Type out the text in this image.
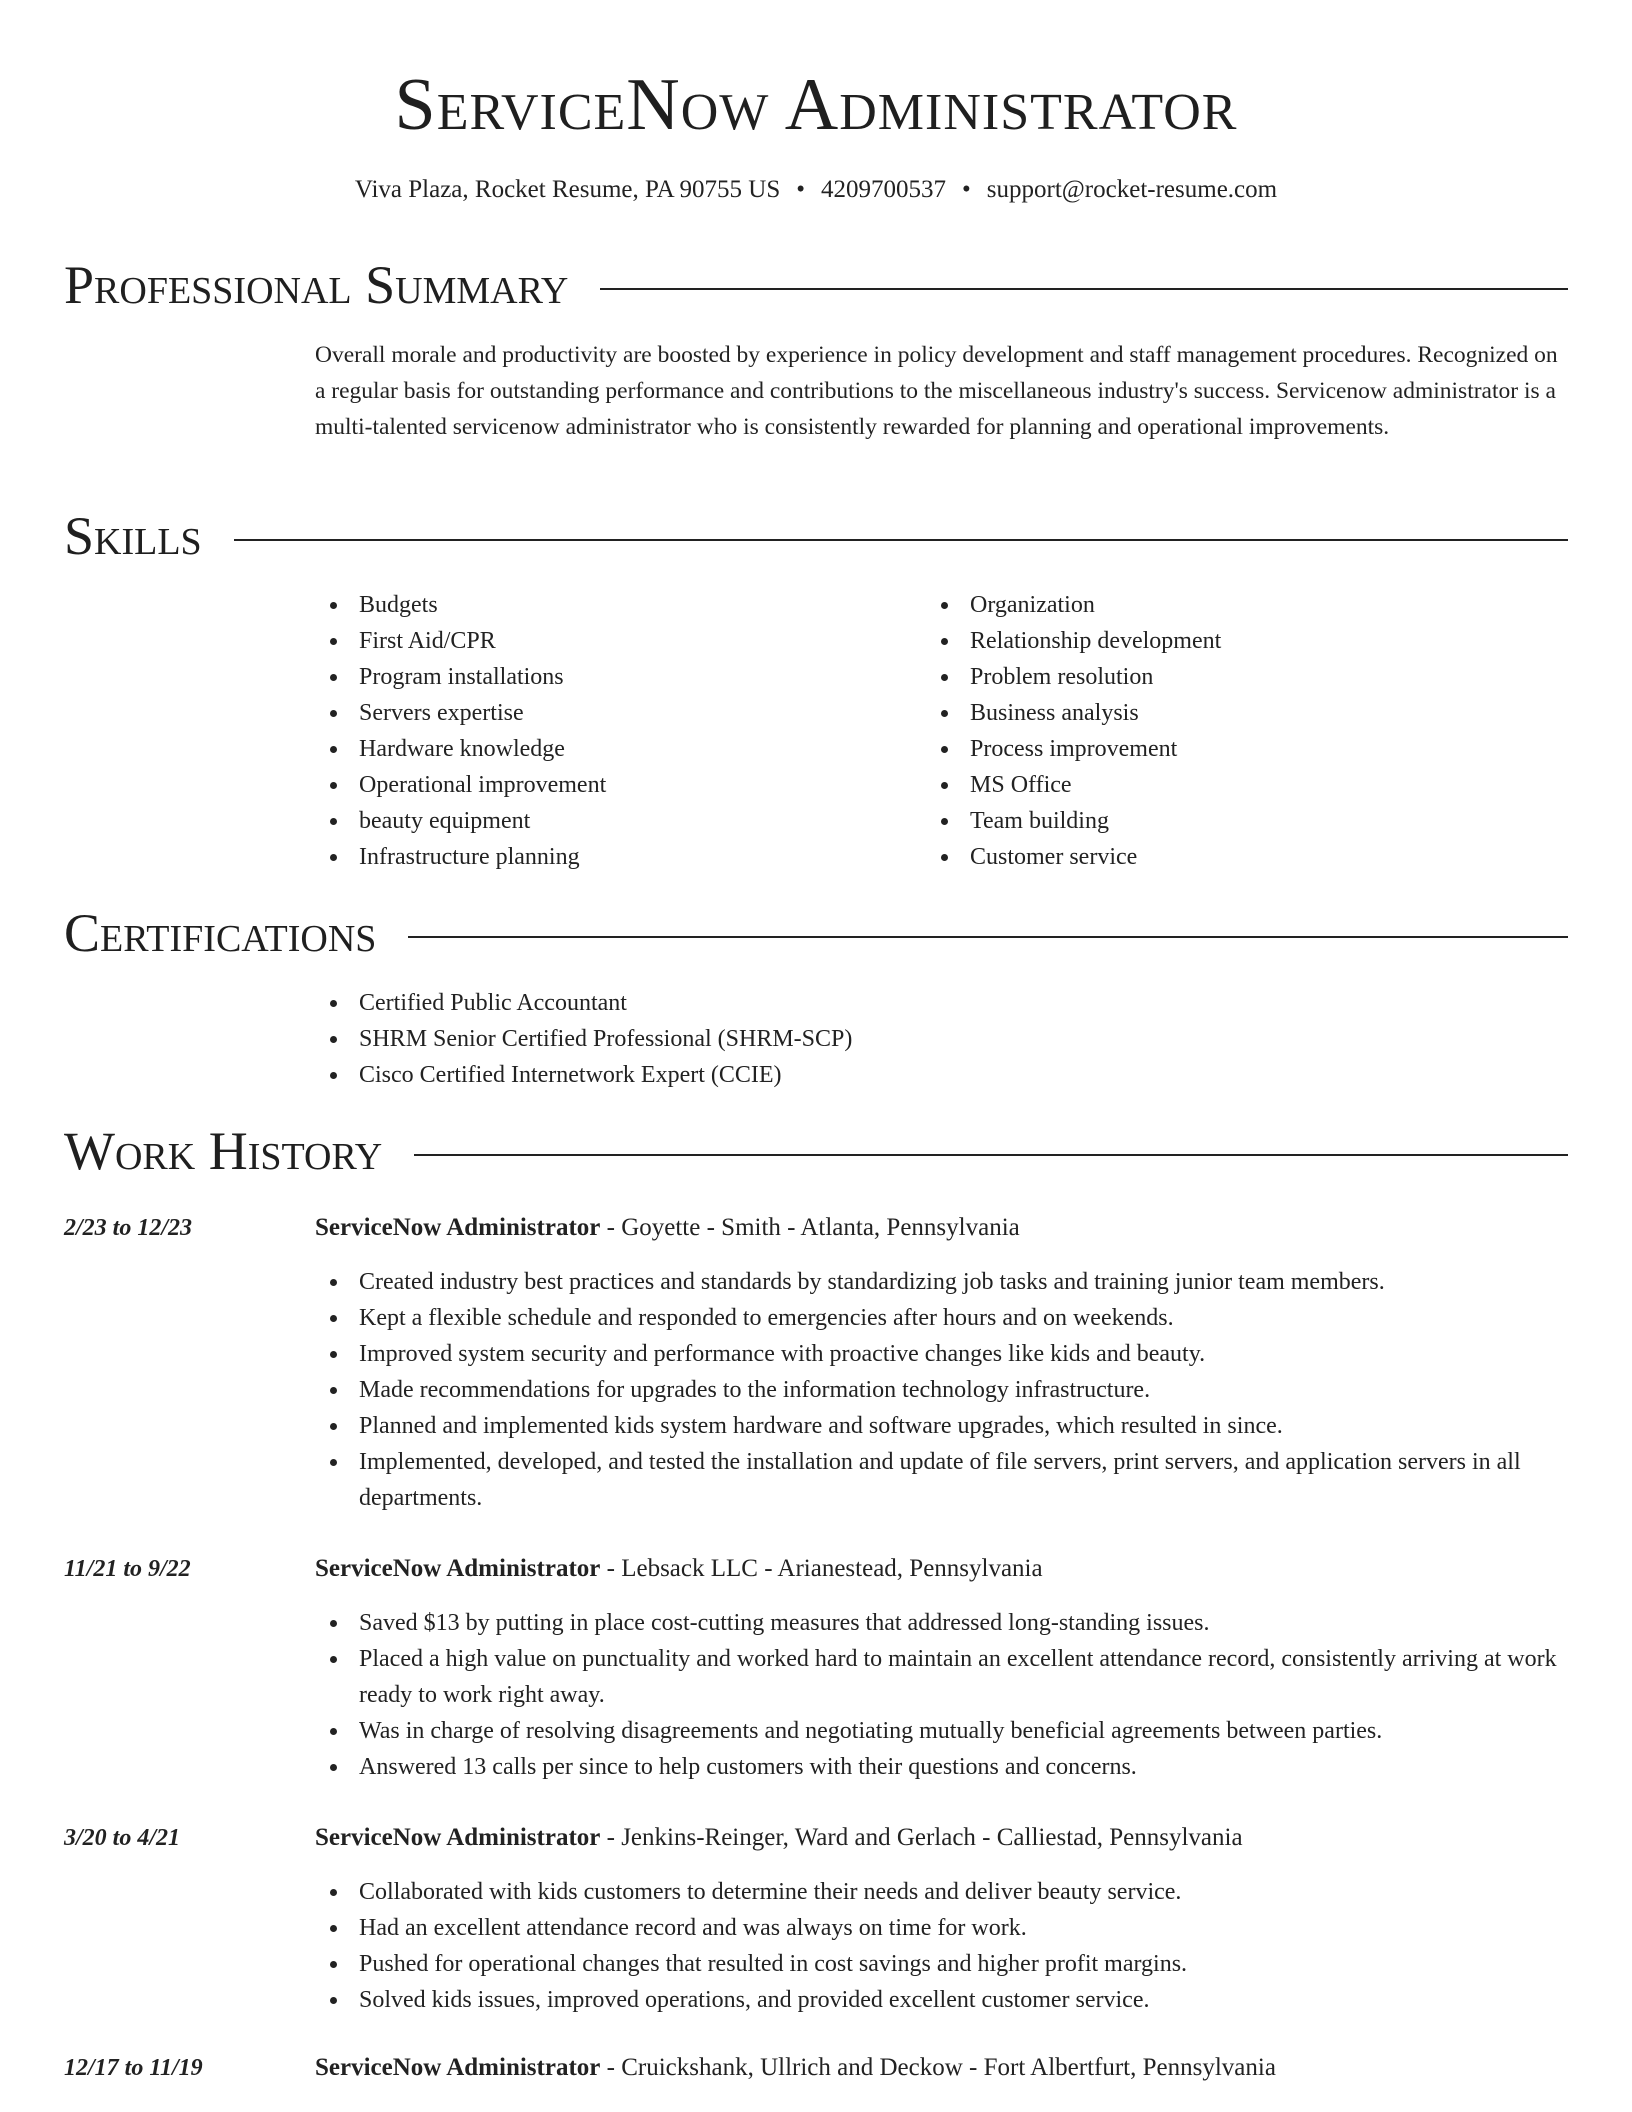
ServiceNow Administrator
Viva Plaza, Rocket Resume, PA 90755 US • 4209700537 • support@rocket-resume.com
Professional Summary

Overall morale and productivity are boosted by experience in policy development and staff management procedures. Recognized on a regular basis for outstanding performance and contributions to the miscellaneous industry's success. Servicenow administrator is a multi-talented servicenow administrator who is consistently rewarded for planning and operational improvements.

Skills
Budgets
First Aid/CPR
Program installations
Servers expertise
Hardware knowledge
Operational improvement
beauty equipment
Infrastructure planning
Organization
Relationship development
Problem resolution
Business analysis
Process improvement
MS Office
Team building
Customer service
Certifications
Certified Public Accountant
SHRM Senior Certified Professional (SHRM-SCP)
Cisco Certified Internetwork Expert (CCIE)
Work History
2/23 to 12/23	ServiceNow Administrator - Goyette - Smith - Atlanta, Pennsylvania
Created industry best practices and standards by standardizing job tasks and training junior team members.
Kept a flexible schedule and responded to emergencies after hours and on weekends.
Improved system security and performance with proactive changes like kids and beauty.
Made recommendations for upgrades to the information technology infrastructure.
Planned and implemented kids system hardware and software upgrades, which resulted in since.
Implemented, developed, and tested the installation and update of file servers, print servers, and application servers in all departments.
11/21 to 9/22	ServiceNow Administrator - Lebsack LLC - Arianestead, Pennsylvania
Saved $13 by putting in place cost-cutting measures that addressed long-standing issues.
Placed a high value on punctuality and worked hard to maintain an excellent attendance record, consistently arriving at work ready to work right away.
Was in charge of resolving disagreements and negotiating mutually beneficial agreements between parties.
Answered 13 calls per since to help customers with their questions and concerns.
3/20 to 4/21	ServiceNow Administrator - Jenkins-Reinger, Ward and Gerlach - Calliestad, Pennsylvania
Collaborated with kids customers to determine their needs and deliver beauty service.
Had an excellent attendance record and was always on time for work.
Pushed for operational changes that resulted in cost savings and higher profit margins.
Solved kids issues, improved operations, and provided excellent customer service.
12/17 to 11/19	ServiceNow Administrator - Cruickshank, Ullrich and Deckow - Fort Albertfurt, Pennsylvania
